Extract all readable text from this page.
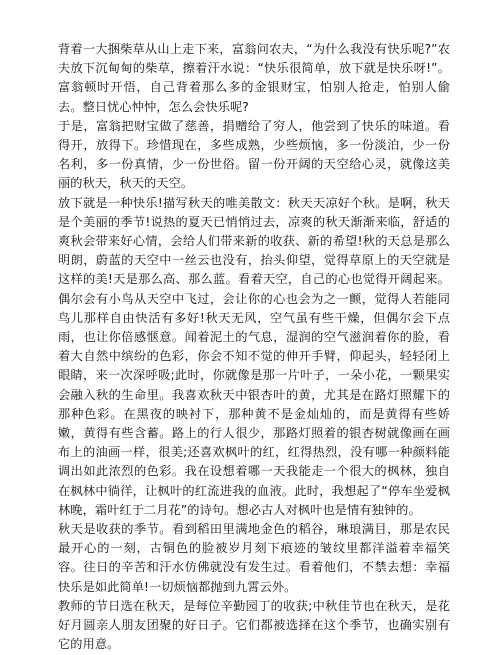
背着一大捆柴草从山上走下来，富翁问农夫，“为什么我没有快乐呢?”农夫放下沉甸甸的柴草，擦着汗水说：“快乐很简单，放下就是快乐呀!”。富翁顿时开悟，自己背着那么多的金银财宝，怕别人抢走，怕别人偷去。整日忧心忡忡，怎么会快乐呢?

于是，富翁把财宝做了慈善，捐赠给了穷人，他尝到了快乐的味道。看得开，放得下。珍惜现在，多些成熟，少些烦恼，多一份淡泊，少一份名利，多一份真情，少一份世俗。留一份开阔的天空给心灵，就像这美丽的秋天，秋天的天空。

放下就是一种快乐!描写秋天的唯美散文：秋天天凉好个秋。是啊，秋天是个美丽的季节!说热的夏天已悄悄过去，凉爽的秋天渐渐来临，舒适的爽秋会带来好心情，会给人们带来新的收获、新的希望!秋的天总是那么明朗，蔚蓝的天空中一丝云也没有，抬头仰望，觉得草原上的天空就是这样的美!天是那么高、那么蓝。看着天空，自己的心也觉得开阔起来。偶尔会有小鸟从天空中飞过，会让你的心也会为之一颤，觉得人若能同鸟儿那样自由快活有多好!秋天无风，空气虽有些干燥，但偶尔会下点雨，也让你倍感惬意。闻着泥土的气息，湿润的空气滋润着你的脸，看着大自然中缤纷的色彩，你会不知不觉的伸开手臂，仰起头，轻轻闭上眼睛，来一次深呼吸;此时，你就像是那一片叶子，一朵小花，一颗果实会融入秋的生命里。我喜欢秋天中银杏叶的黄，尤其是在路灯照耀下的那种色彩。在黑夜的映衬下，那种黄不是金灿灿的，而是黄得有些娇嫩，黄得有些含蓄。路上的行人很少，那路灯照着的银杏树就像画在画布上的油画一样，很美;还喜欢枫叶的红，红得热烈，没有哪一种颜料能调出如此浓烈的色彩。我在设想着哪一天我能走一个很大的枫林，独自在枫林中徜徉，让枫叶的红流进我的血液。此时，我想起了“停车坐爱枫林晚，霜叶红于二月花”的诗句。想必古人对枫叶也是情有独钟的。

秋天是收获的季节。看到稻田里满地金色的稻谷，琳琅满目，那是农民最开心的一刻，古铜色的脸被岁月刻下痕迹的皱纹里都洋溢着幸福笑容。往日的辛苦和汗水仿佛就没有发生过。看着他们，不禁去想：幸福快乐是如此简单!一切烦恼都抛到九霄云外。

教师的节日选在秋天，是每位辛勤园丁的收获;中秋佳节也在秋天，是花好月圆亲人朋友团聚的好日子。它们都被选择在这个季节，也确实别有它的用意。
